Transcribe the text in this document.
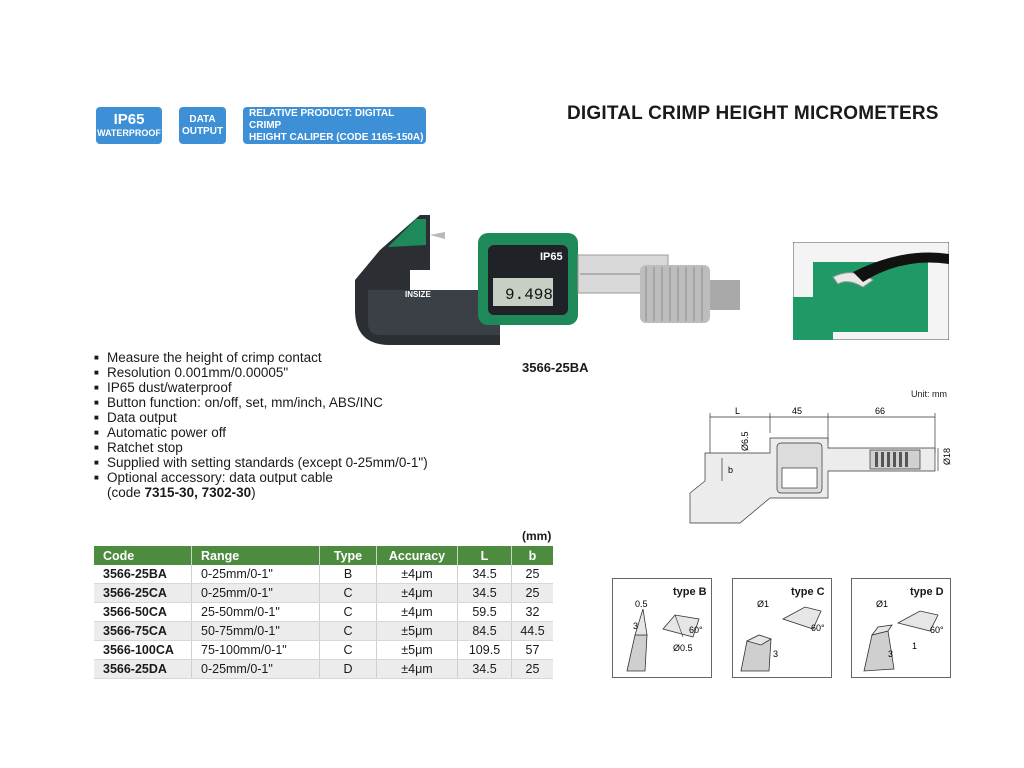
IP65
WATERPROOF
DATA
OUTPUT
RELATIVE PRODUCT: DIGITAL CRIMP
HEIGHT CALIPER (CODE 1165-150A)
DIGITAL CRIMP HEIGHT MICROMETERS
INSIZE
IP65
9.498
■ Measure the height of crimp contact
■ Resolution 0.001mm/0.00005"
■ IP65 dust/waterproof
■ Button function: on/off, set, mm/inch, ABS/INC
■ Data output
■ Automatic power off
■ Ratchet stop
■ Supplied with setting standards (except 0-25mm/0-1")
■ Optional accessory: data output cable
(code 7315-30, 7302-30)
3566-25BA
Unit: mm
L	45	66
Ø6.5
Ø18
b
(mm)
Code	Range	Type	Accuracy	L	b
3566-25BA	0-25mm/0-1"	B	±4μm	34.5	25
3566-25CA	0-25mm/0-1"	C	±4μm	34.5	25
3566-50CA	25-50mm/0-1"	C	±4μm	59.5	32
3566-75CA	50-75mm/0-1"	C	±5μm	84.5	44.5
3566-100CA	75-100mm/0-1"	C	±5μm	109.5	57
3566-25DA	0-25mm/0-1"	D	±4μm	34.5	25
type B
0.5
3	60°
Ø0.5
type C
Ø1
60°
3
type D
Ø1
60°
3
1
